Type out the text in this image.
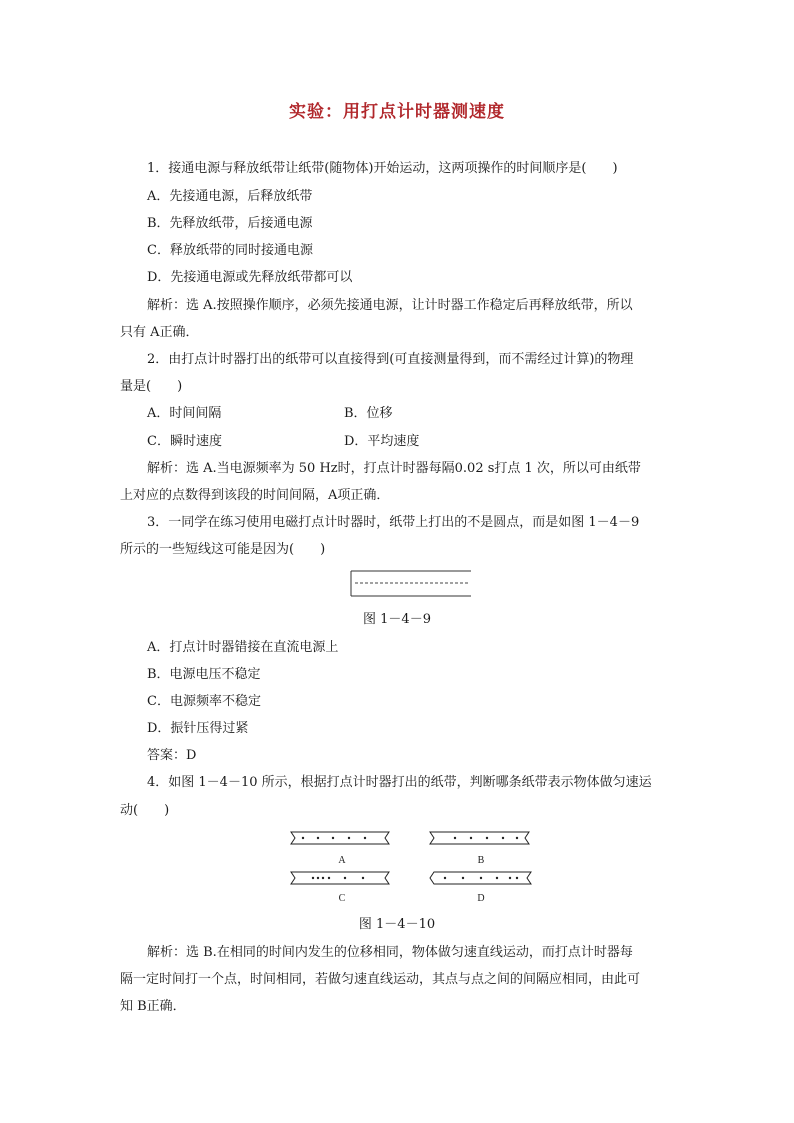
实验：用打点计时器测速度
1．接通电源与释放纸带让纸带(随物体)开始运动，这两项操作的时间顺序是(　　)
A．先接通电源，后释放纸带
B．先释放纸带，后接通电源
C．释放纸带的同时接通电源
D．先接通电源或先释放纸带都可以
解析：选 A.按照操作顺序，必须先接通电源，让计时器工作稳定后再释放纸带，所以
只有 A正确．
2．由打点计时器打出的纸带可以直接得到(可直接测量得到，而不需经过计算)的物理
量是(　　)
A．时间间隔	B．位移
C．瞬时速度	D．平均速度
解析：选 A.当电源频率为 50 Hz时，打点计时器每隔0.02 s打点 1 次，所以可由纸带
上对应的点数得到该段的时间间隔，A项正确．
3．一同学在练习使用电磁打点计时器时，纸带上打出的不是圆点，而是如图 1－4－9
所示的一些短线这可能是因为(　　)
图 1－4－9
A．打点计时器错接在直流电源上
B．电源电压不稳定
C．电源频率不稳定
D．振针压得过紧
答案：D
4．如图 1－4－10 所示，根据打点计时器打出的纸带，判断哪条纸带表示物体做匀速运
动(　　)
A	B
C	D
图 1－4－10
解析：选 B.在相同的时间内发生的位移相同，物体做匀速直线运动，而打点计时器每
隔一定时间打一个点，时间相同，若做匀速直线运动，其点与点之间的间隔应相同，由此可
知 B正确．
